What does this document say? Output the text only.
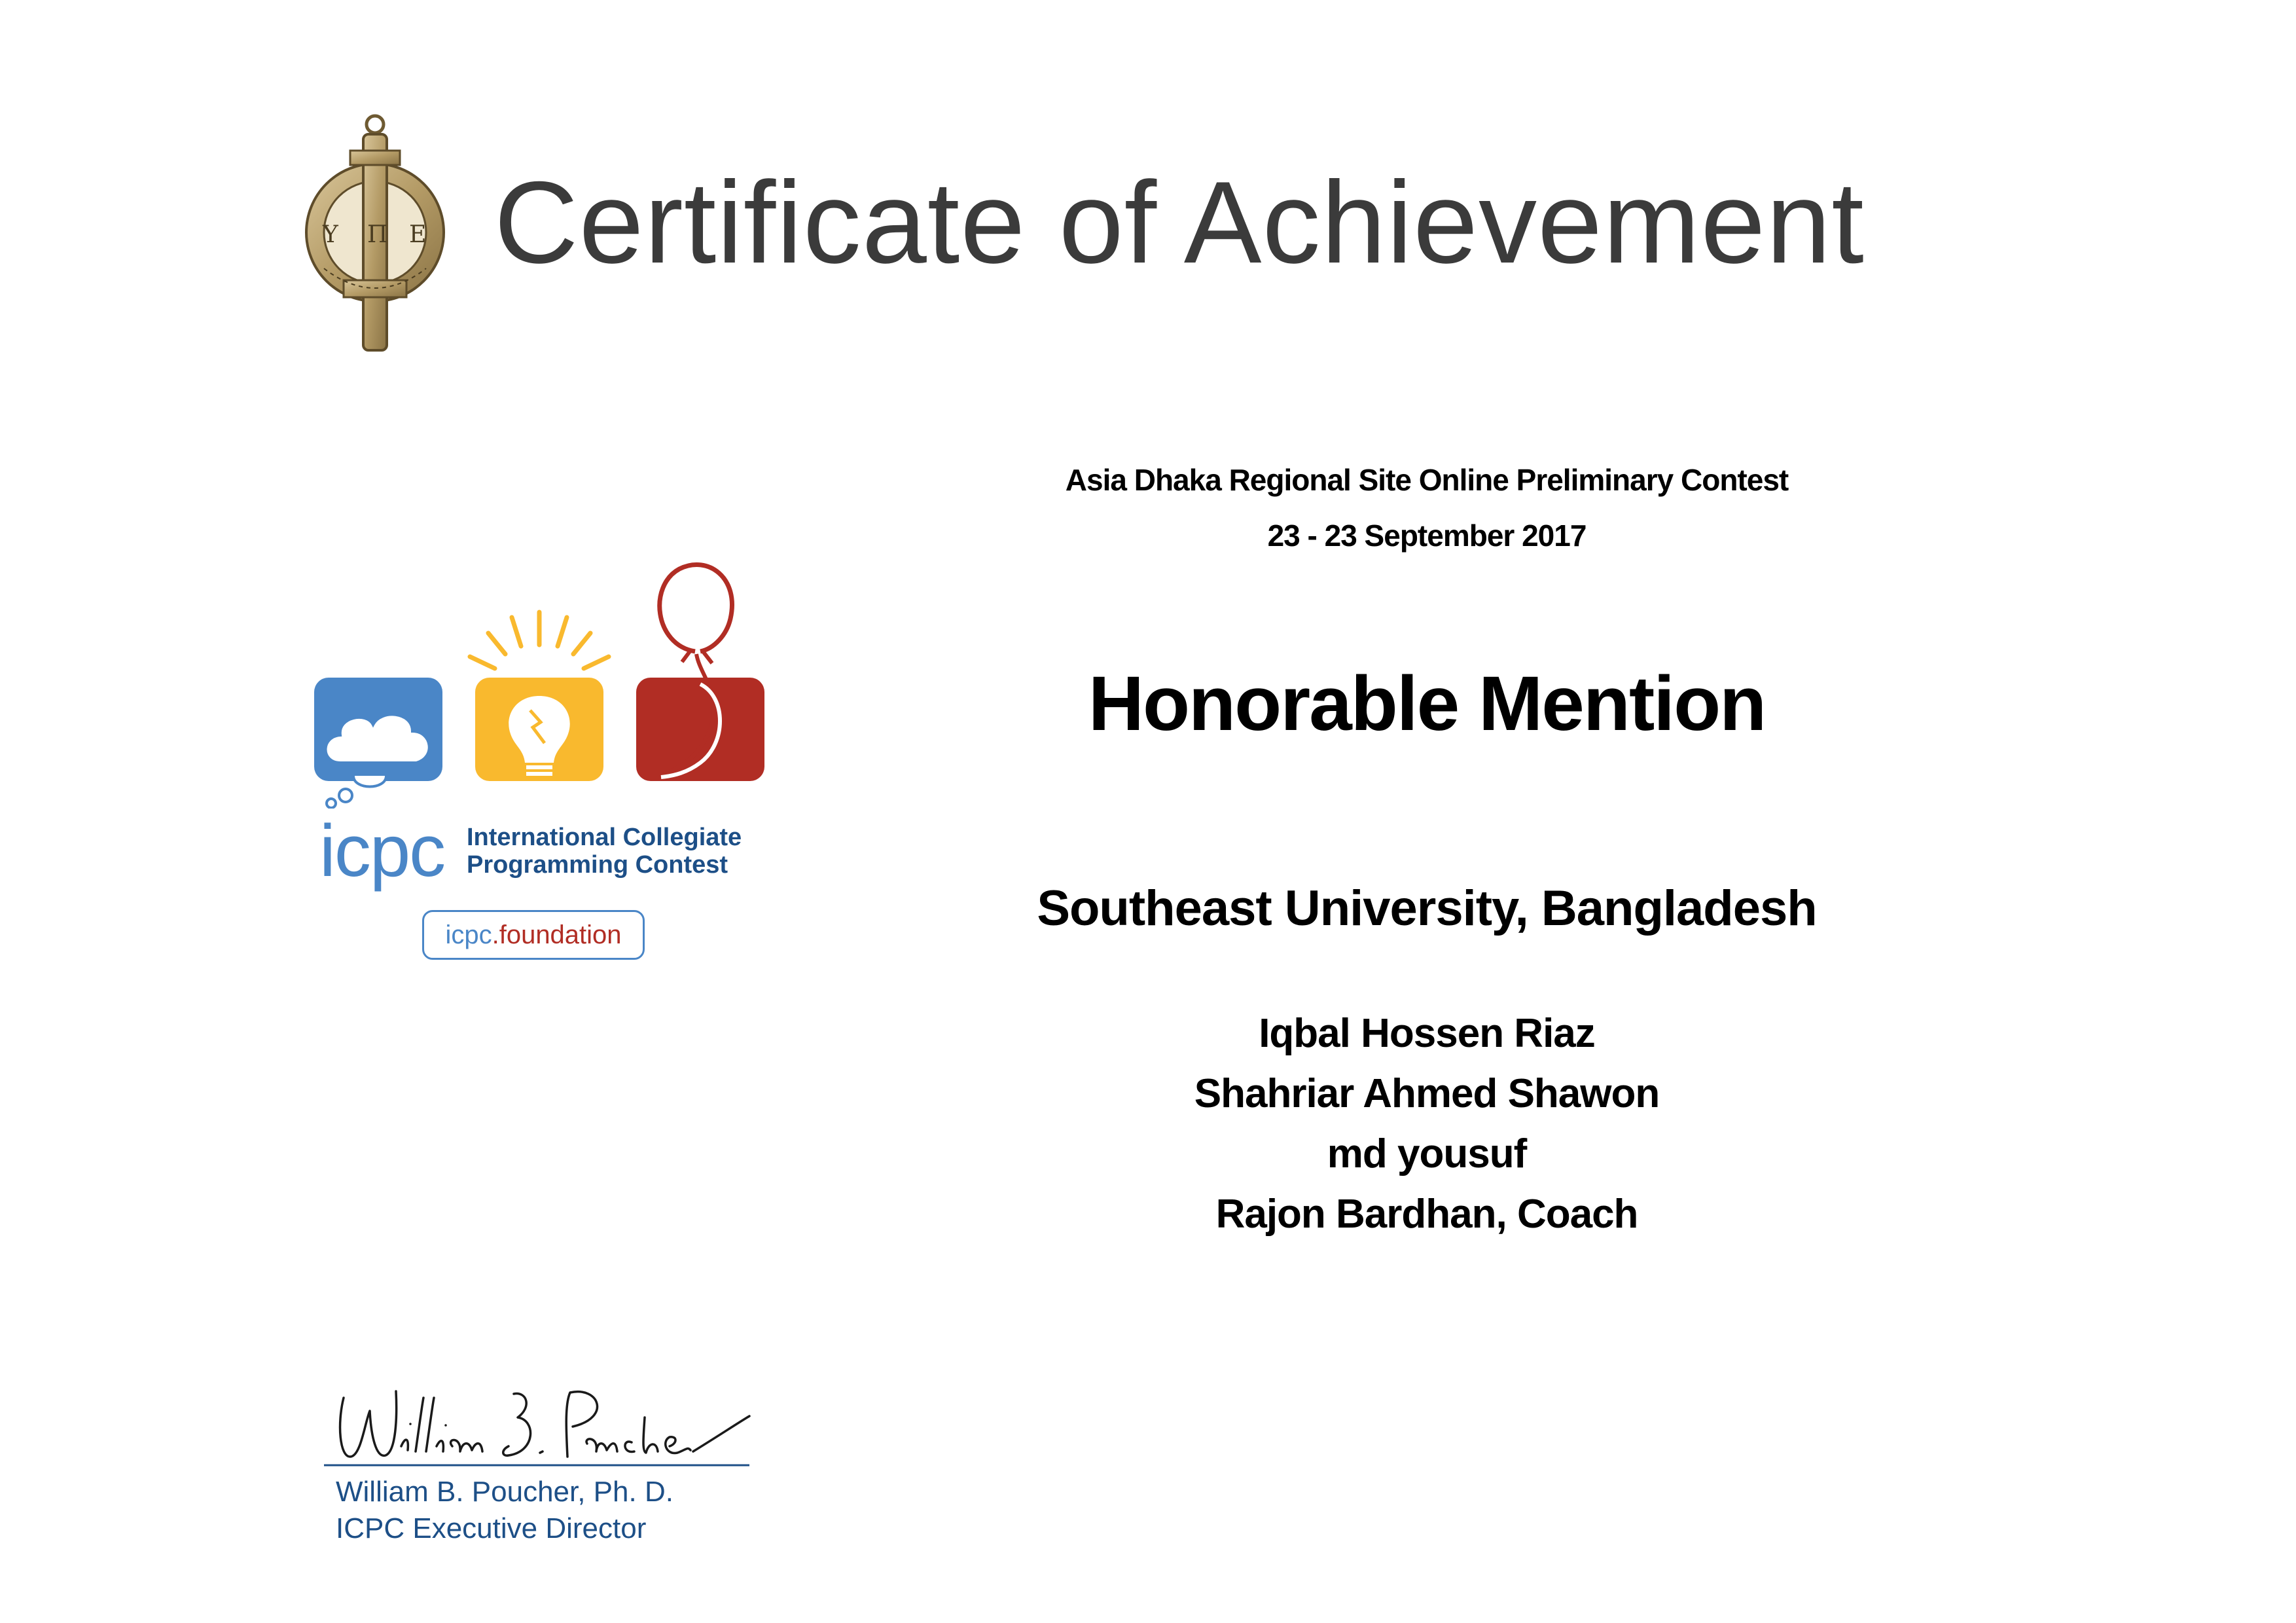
Υ Π Ε Certificate of Achievement
icpc International Collegiate
Programming Contest
icpc .foundation
Asia Dhaka Regional Site Online Preliminary Contest
23 - 23 September 2017
Honorable Mention
Southeast University, Bangladesh
Iqbal Hossen Riaz
Shahriar Ahmed Shawon
md yousuf
Rajon Bardhan, Coach
William B. Poucher, Ph. D.
ICPC Executive Director
